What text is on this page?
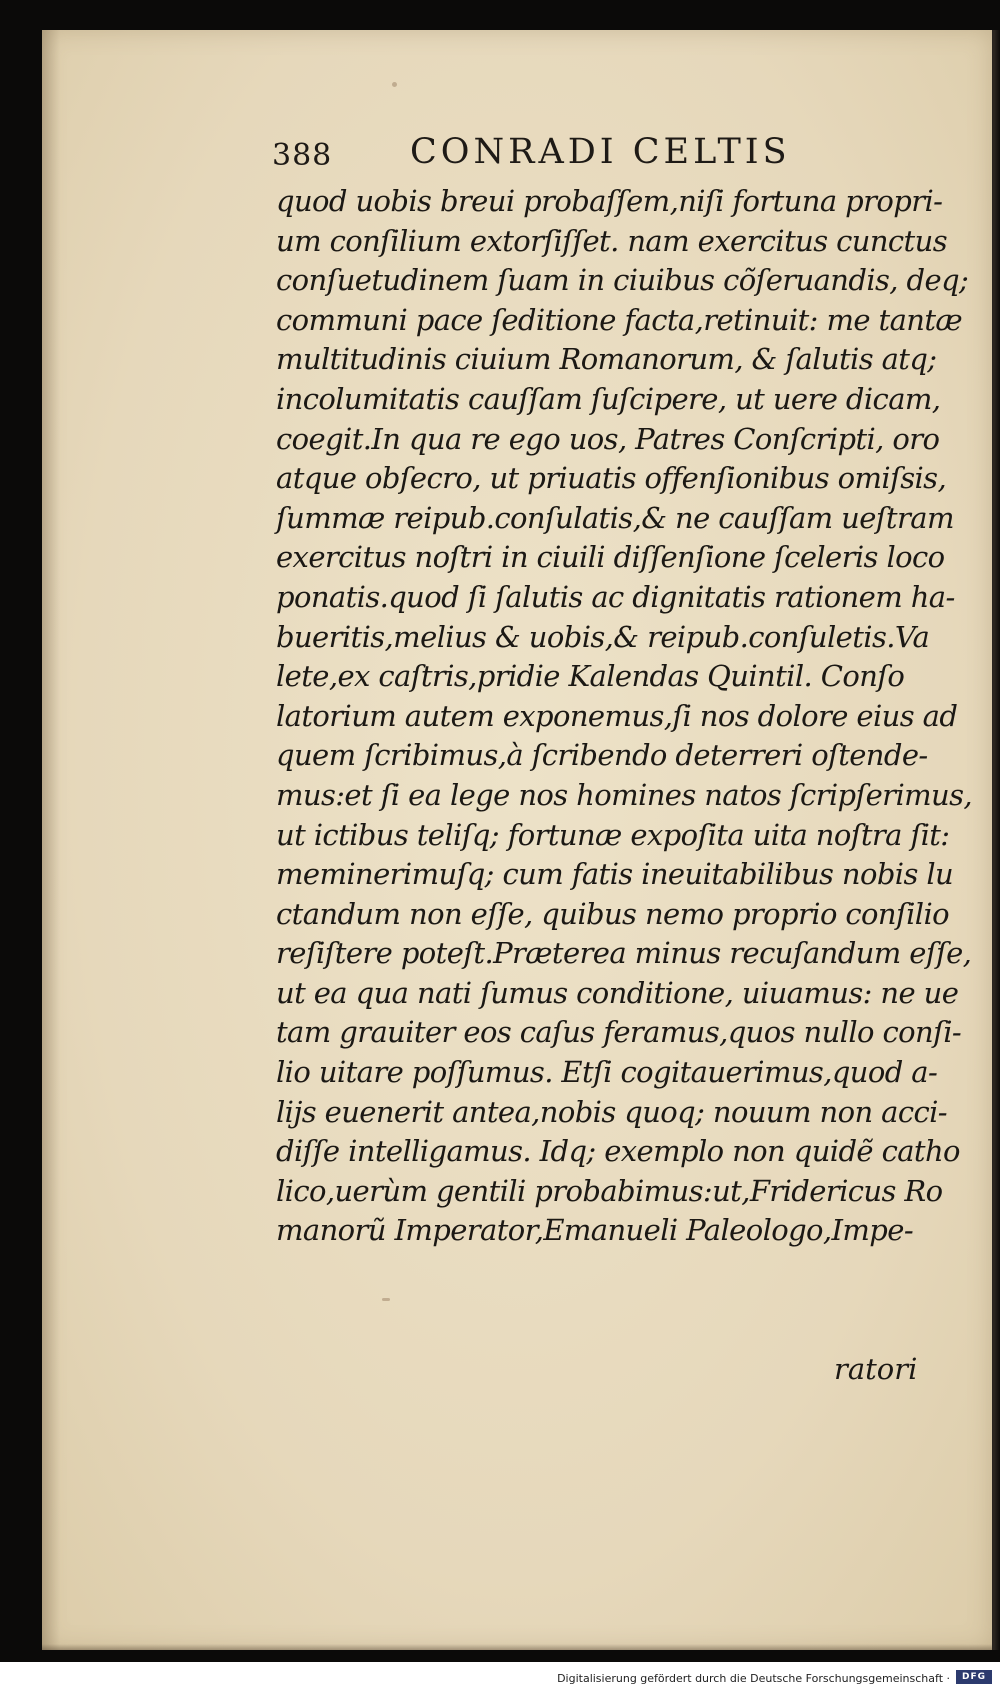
388 CONRADI CELTIS
quod uobis breui probaſſem,niſi fortuna propri-
um conſilium extorſiſſet. nam exercitus cunctus
conſuetudinem ſuam in ciuibus cõſeruandis, deq;
communi pace ſeditione facta,retinuit: me tantæ
multitudinis ciuium Romanorum, & ſalutis atq;
incolumitatis cauſſam ſuſcipere, ut uere dicam,
coegit.In qua re ego uos, Patres Conſcripti, oro
atque obſecro, ut priuatis offenſionibus omiſsis,
ſummæ reipub.conſulatis,& ne cauſſam ueſtram
exercitus noſtri in ciuili diſſenſione ſceleris loco
ponatis.quod ſi ſalutis ac dignitatis rationem ha-
bueritis,melius & uobis,& reipub.conſuletis.Va
lete,ex caſtris,pridie Kalendas Quintil. Conſo
latorium autem exponemus,ſi nos dolore eius ad
quem ſcribimus,à ſcribendo deterreri oſtende-
mus:et ſi ea lege nos homines natos ſcripſerimus,
ut ictibus teliſq; fortunæ expoſita uita noſtra ſit:
meminerimuſq; cum fatis ineuitabilibus nobis lu
ctandum non eſſe, quibus nemo proprio conſilio
reſiſtere poteſt.Præterea minus recuſandum eſſe,
ut ea qua nati ſumus conditione, uiuamus: ne ue
tam grauiter eos caſus feramus,quos nullo conſi-
lio uitare poſſumus. Etſi cogitauerimus,quod a-
lijs euenerit antea,nobis quoq; nouum non acci-
diſſe intelligamus. Idq; exemplo non quidẽ catho
lico,uerùm gentili probabimus:ut,Fridericus Ro
manorũ Imperator,Emanueli Paleologo,Impe-
ratori
Digitalisierung gefördert durch die Deutsche Forschungsgemeinschaft ·	DFG
